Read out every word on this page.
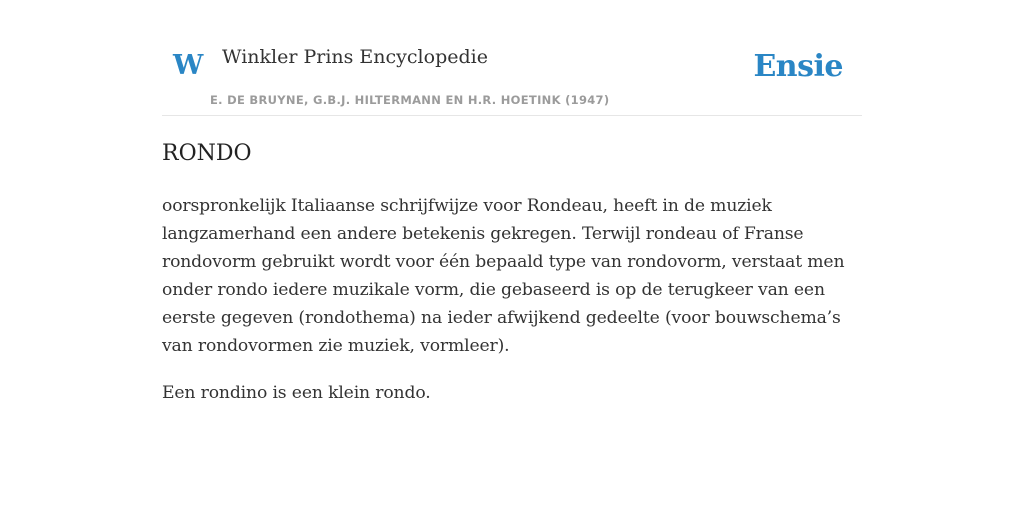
W Winkler Prins Encyclopedie
E. DE BRUYNE, G.B.J. HILTERMANN EN H.R. HOETINK (1947)
Ensie
RONDO

oorspronkelijk Italiaanse schrijfwijze voor Rondeau, heeft in de muziek langzamerhand een andere betekenis gekregen. Terwijl rondeau of Franse rondovorm gebruikt wordt voor één bepaald type van rondovorm, verstaat men onder rondo iedere muzikale vorm, die gebaseerd is op de terugkeer van een eerste gegeven (rondothema) na ieder afwijkend gedeelte (voor bouwschema’s van rondovormen zie muziek, vormleer).

Een rondino is een klein rondo.
